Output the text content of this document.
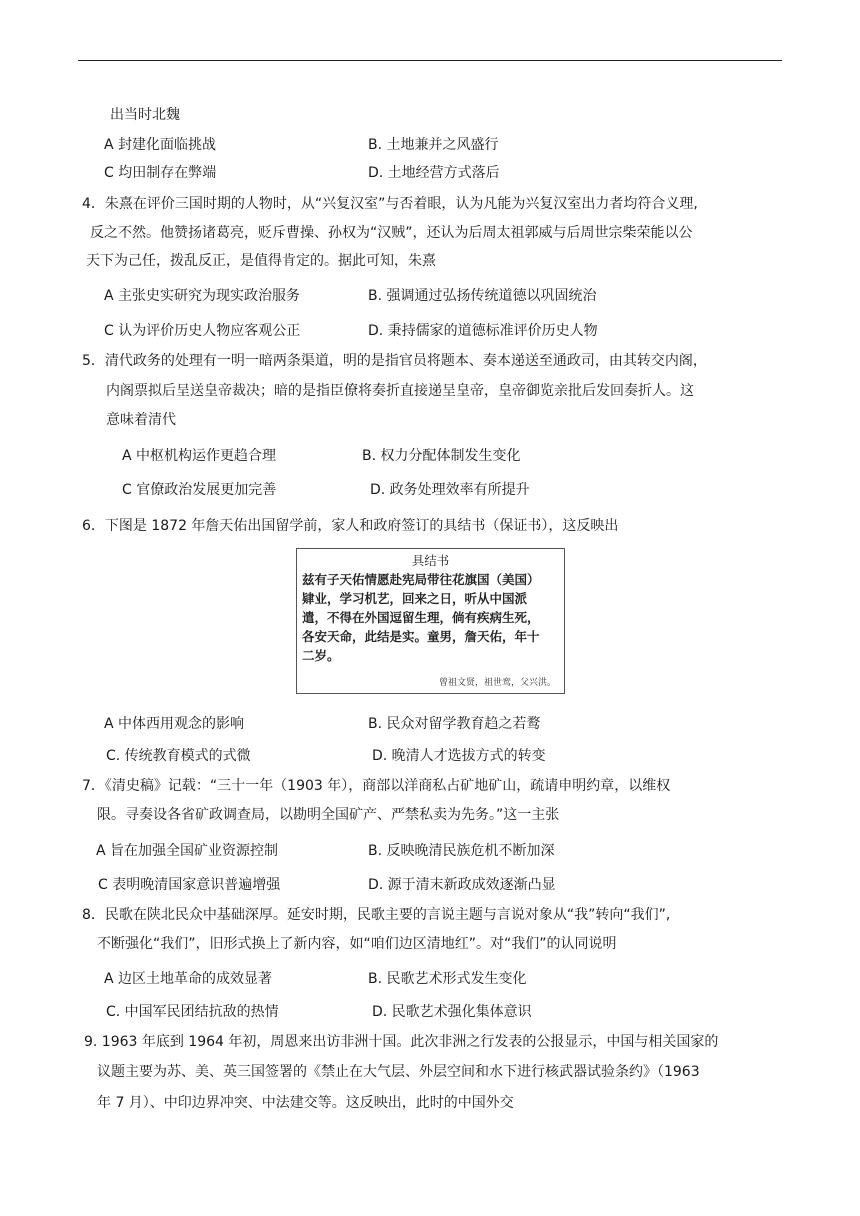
出当时北魏
A 封建化面临挑战	B. 土地兼并之风盛行
C 均田制存在弊端	D. 土地经营方式落后
4．朱熹在评价三国时期的人物时，从“兴复汉室”与否着眼，认为凡能为兴复汉室出力者均符合义理,
反之不然。他赞扬诸葛亮，贬斥曹操、孙权为“汉贼”，还认为后周太祖郭威与后周世宗柴荣能以公
天下为己任，拨乱反正，是值得肯定的。据此可知，朱熹
A 主张史实研究为现实政治服务	B. 强调通过弘扬传统道德以巩固统治
C 认为评价历史人物应客观公正	D. 秉持儒家的道德标准评价历史人物
5．清代政务的处理有一明一暗两条渠道，明的是指官员将题本、奏本递送至通政司，由其转交内阁，
内阁票拟后呈送皇帝裁决；暗的是指臣僚将奏折直接递呈皇帝，皇帝御览亲批后发回奏折人。这
意味着清代
A 中枢机构运作更趋合理	B. 权力分配体制发生变化
C 官僚政治发展更加完善	D. 政务处理效率有所提升
6．下图是 1872 年詹天佑出国留学前，家人和政府签订的具结书（保证书），这反映出
具结书
兹有子天佑情愿赴宪局带往花旗国（美国）
肄业，学习机艺，回来之日，听从中国派
遣，不得在外国逗留生理，倘有疾病生死，
各安天命，此结是实。童男，詹天佑，年十
二岁。
曾祖文贤，祖世鸾，父兴洪。
A 中体西用观念的影响	B. 民众对留学教育趋之若鹜
C. 传统教育模式的式微	D. 晚清人才选拔方式的转变
7．《清史稿》记载：“三十一年（1903 年），商部以洋商私占矿地矿山，疏请申明约章，以维权
限。寻奏设各省矿政调查局，以勘明全国矿产、严禁私卖为先务。”这一主张
A 旨在加强全国矿业资源控制	B. 反映晚清民族危机不断加深
C 表明晚清国家意识普遍增强	D. 源于清末新政成效逐渐凸显
8．民歌在陕北民众中基础深厚。延安时期，民歌主要的言说主题与言说对象从“我”转向“我们”,
不断强化“我们”，旧形式换上了新内容，如“咱们边区清地红”。对“我们”的认同说明
A 边区土地革命的成效显著	B. 民歌艺术形式发生变化
C. 中国军民团结抗敌的热情	D. 民歌艺术强化集体意识
9. 1963 年底到 1964 年初，周恩来出访非洲十国。此次非洲之行发表的公报显示，中国与相关国家的
议题主要为苏、美、英三国签署的《禁止在大气层、外层空间和水下进行核武器试验条约》（1963
年 7 月）、中印边界冲突、中法建交等。这反映出，此时的中国外交
